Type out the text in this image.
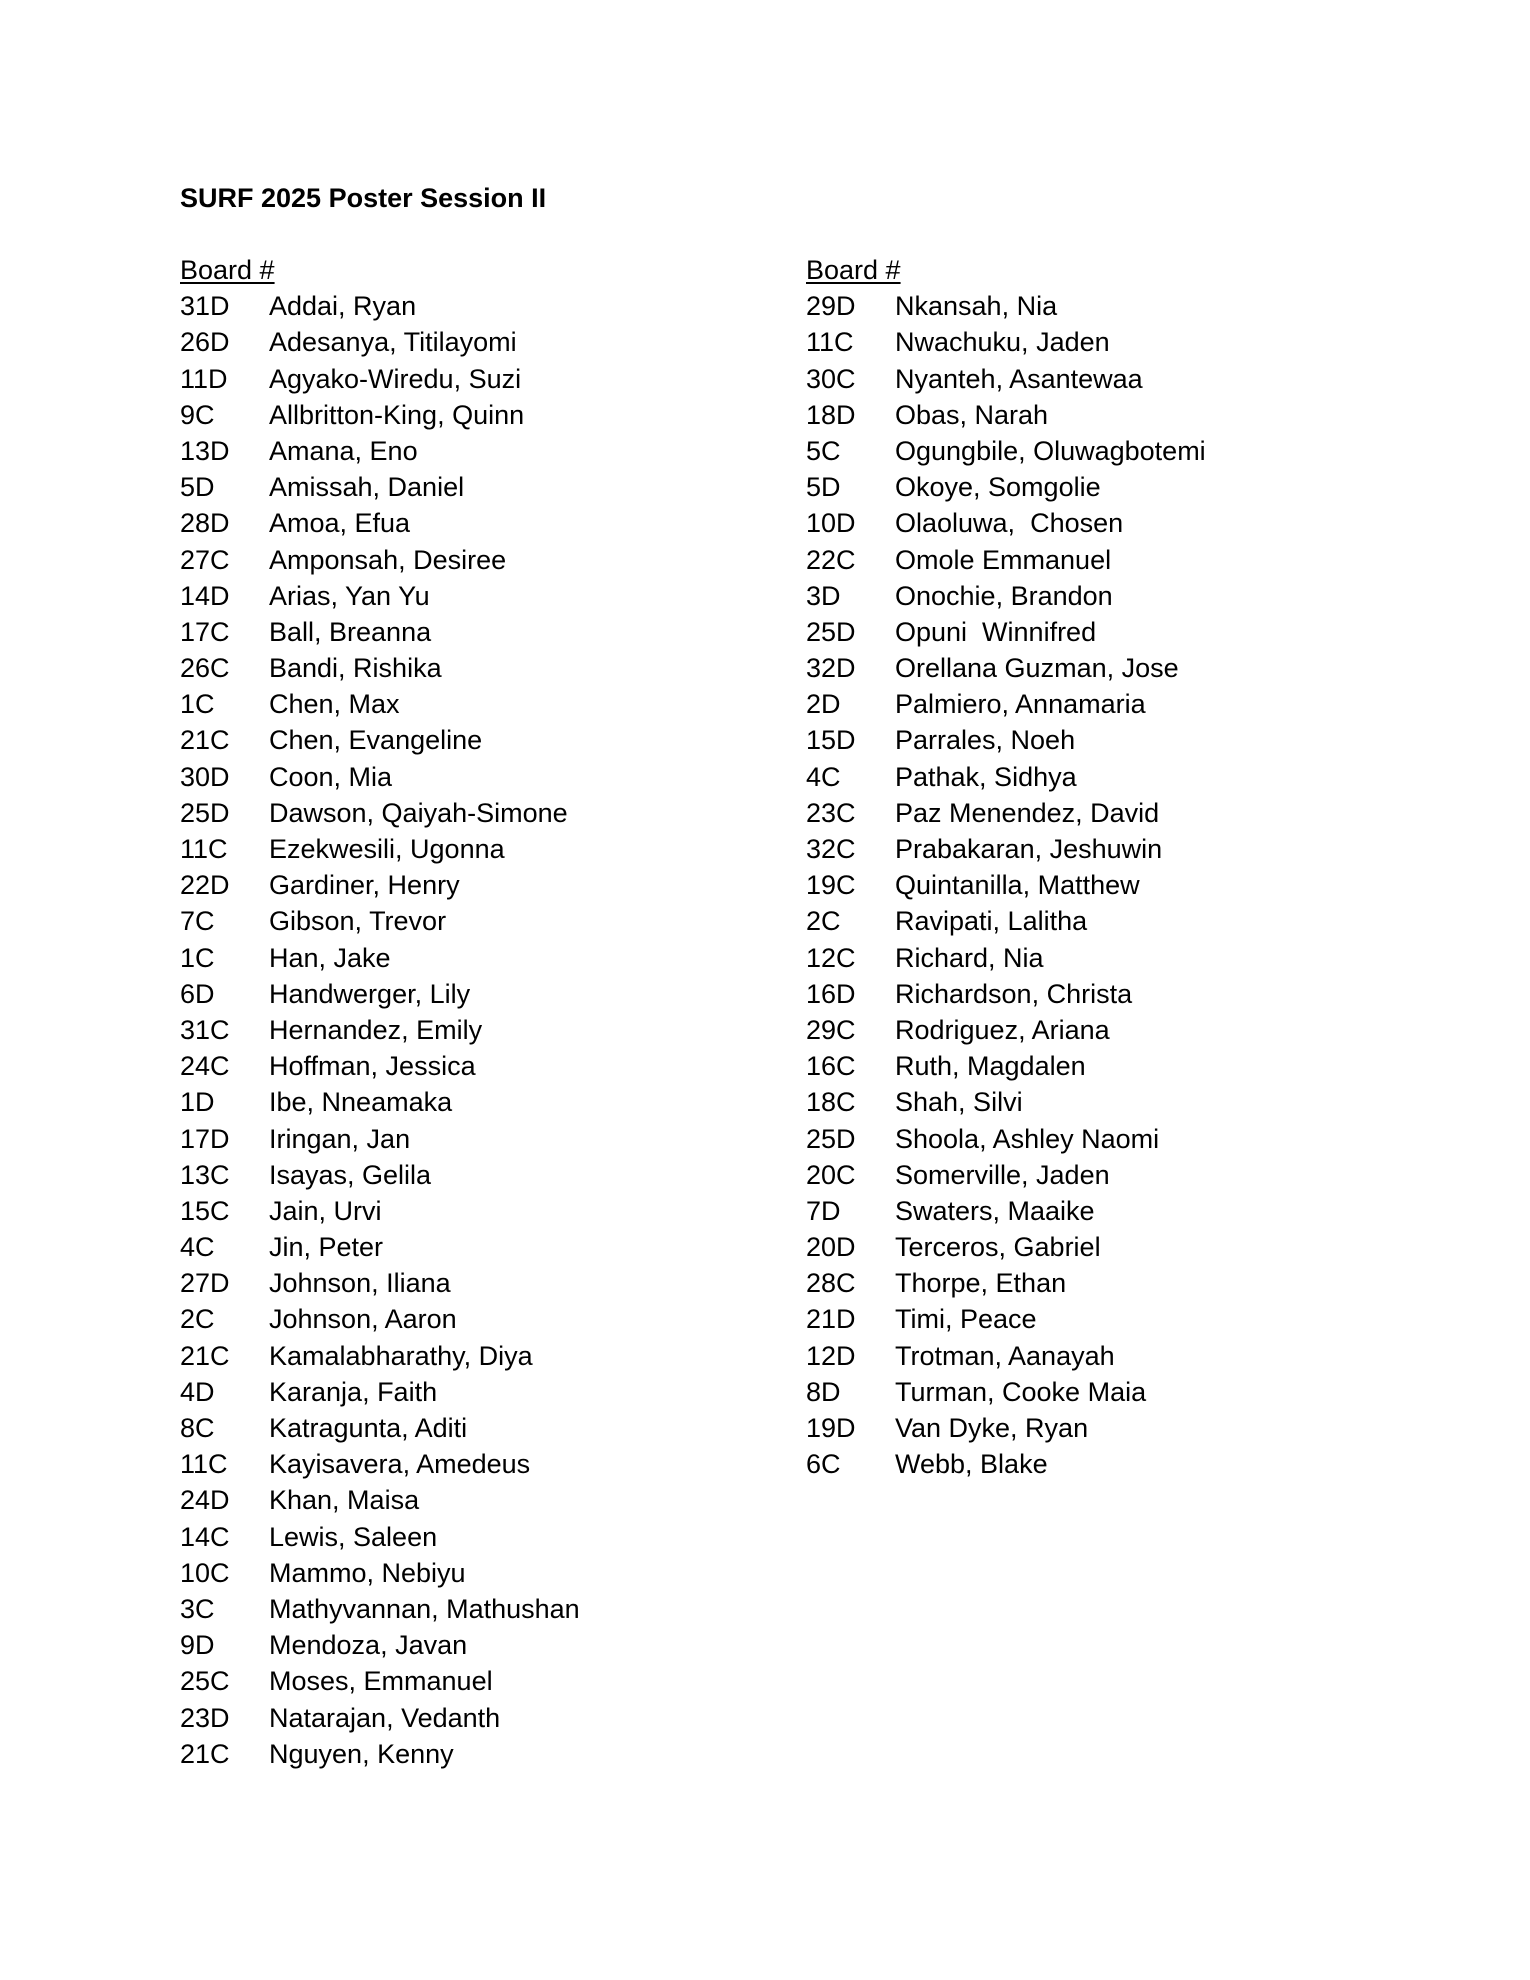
SURF 2025 Poster Session II
Board #
31D	Addai, Ryan
26D	Adesanya, Titilayomi
11D	Agyako-Wiredu, Suzi
9C	Allbritton-King, Quinn
13D	Amana, Eno
5D	Amissah, Daniel
28D	Amoa, Efua
27C	Amponsah, Desiree
14D	Arias, Yan Yu
17C	Ball, Breanna
26C	Bandi, Rishika
1C	Chen, Max
21C	Chen, Evangeline
30D	Coon, Mia
25D	Dawson, Qaiyah-Simone
11C	Ezekwesili, Ugonna
22D	Gardiner, Henry
7C	Gibson, Trevor
1C	Han, Jake
6D	Handwerger, Lily
31C	Hernandez, Emily
24C	Hoffman, Jessica
1D	Ibe, Nneamaka
17D	Iringan, Jan
13C	Isayas, Gelila
15C	Jain, Urvi
4C	Jin, Peter
27D	Johnson, Iliana
2C	Johnson, Aaron
21C	Kamalabharathy, Diya
4D	Karanja, Faith
8C	Katragunta, Aditi
11C	Kayisavera, Amedeus
24D	Khan, Maisa
14C	Lewis, Saleen
10C	Mammo, Nebiyu
3C	Mathyvannan, Mathushan
9D	Mendoza, Javan
25C	Moses, Emmanuel
23D	Natarajan, Vedanth
21C	Nguyen, Kenny
Board #
29D	Nkansah, Nia
11C	Nwachuku, Jaden
30C	Nyanteh, Asantewaa
18D	Obas, Narah
5C	Ogungbile, Oluwagbotemi
5D	Okoye, Somgolie
10D	Olaoluwa,  Chosen
22C	Omole Emmanuel
3D	Onochie, Brandon
25D	Opuni  Winnifred
32D	Orellana Guzman, Jose
2D	Palmiero, Annamaria
15D	Parrales, Noeh
4C	Pathak, Sidhya
23C	Paz Menendez, David
32C	Prabakaran, Jeshuwin
19C	Quintanilla, Matthew
2C	Ravipati, Lalitha
12C	Richard, Nia
16D	Richardson, Christa
29C	Rodriguez, Ariana
16C	Ruth, Magdalen
18C	Shah, Silvi
25D	Shoola, Ashley Naomi
20C	Somerville, Jaden
7D	Swaters, Maaike
20D	Terceros, Gabriel
28C	Thorpe, Ethan
21D	Timi, Peace
12D	Trotman, Aanayah
8D	Turman, Cooke Maia
19D	Van Dyke, Ryan
6C	Webb, Blake
